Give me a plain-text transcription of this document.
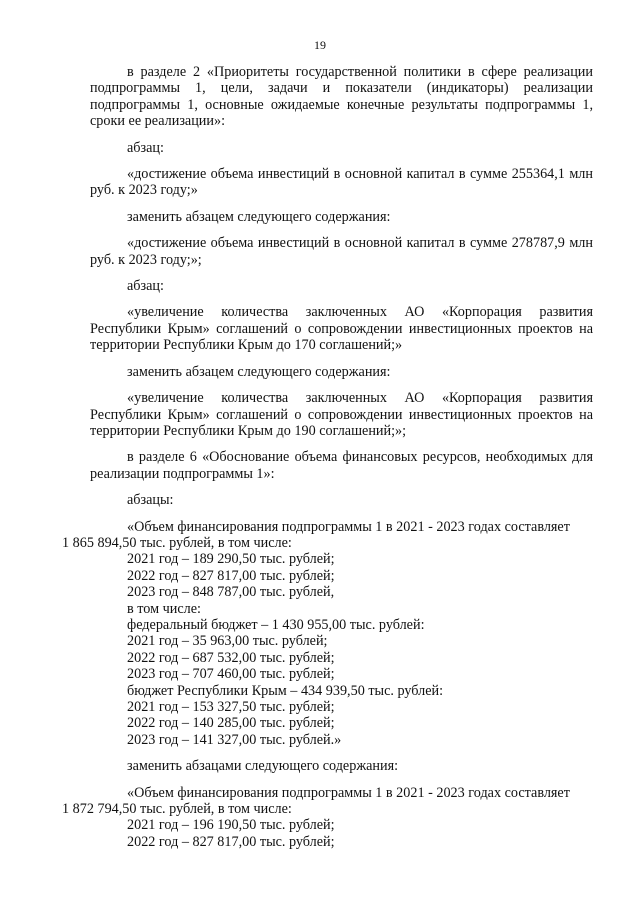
19

в разделе 2 «Приоритеты государственной политики в сфере реализации подпрограммы 1, цели, задачи и показатели (индикаторы) реализации подпрограммы 1, основные ожидаемые конечные результаты подпрограммы 1, сроки ее реализации»:

абзац:

«достижение объема инвестиций в основной капитал в сумме 255364,1 млн руб. к 2023 году;»

заменить абзацем следующего содержания:

«достижение объема инвестиций в основной капитал в сумме 278787,9 млн руб. к 2023 году;»;

абзац:

«увеличение количества заключенных АО «Корпорация развития Республики Крым» соглашений о сопровождении инвестиционных проектов на территории Республики Крым до 170 соглашений;»

заменить абзацем следующего содержания:

«увеличение количества заключенных АО «Корпорация развития Республики Крым» соглашений о сопровождении инвестиционных проектов на территории Республики Крым до 190 соглашений;»;

в разделе 6 «Обоснование объема финансовых ресурсов, необходимых для реализации подпрограммы 1»:

абзацы:

«Объем финансирования подпрограммы 1 в 2021 - 2023 годах составляет

1 865 894,50 тыс. рублей, в том числе:

2021 год – 189 290,50 тыс. рублей;

2022 год – 827 817,00 тыс. рублей;

2023 год – 848 787,00 тыс. рублей,

в том числе:

федеральный бюджет – 1 430 955,00 тыс. рублей:

2021 год – 35 963,00 тыс. рублей;

2022 год – 687 532,00 тыс. рублей;

2023 год – 707 460,00 тыс. рублей;

бюджет Республики Крым – 434 939,50 тыс. рублей:

2021 год – 153 327,50 тыс. рублей;

2022 год – 140 285,00 тыс. рублей;

2023 год – 141 327,00 тыс. рублей.»

заменить абзацами следующего содержания:

«Объем финансирования подпрограммы 1 в 2021 - 2023 годах составляет

1 872 794,50 тыс. рублей, в том числе:

2021 год – 196 190,50 тыс. рублей;

2022 год – 827 817,00 тыс. рублей;
